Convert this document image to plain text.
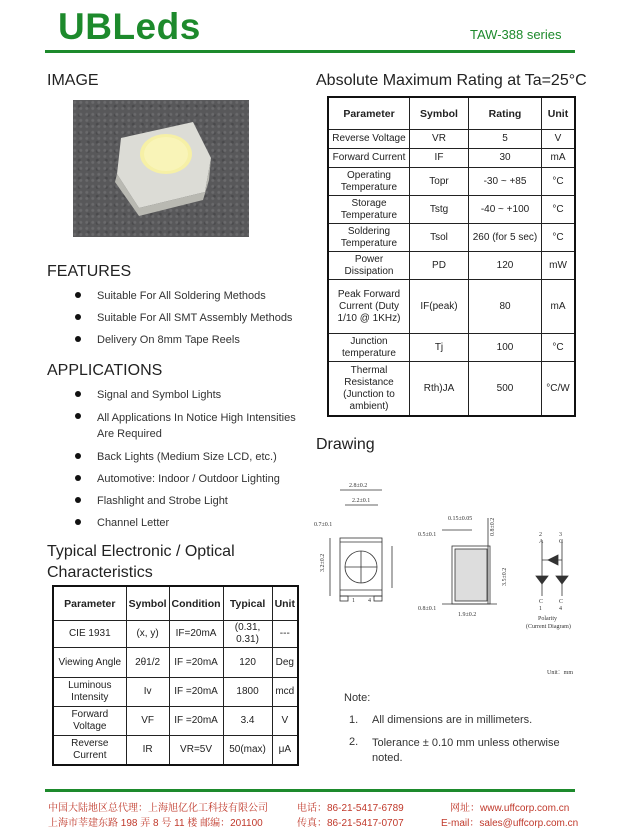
UBLeds	TAW-388 series
IMAGE
FEATURES
Suitable For All Soldering Methods
Suitable For All SMT Assembly Methods
Delivery On 8mm Tape Reels
APPLICATIONS
Signal and Symbol Lights
All Applications In Notice High Intensities Are Required
Back Lights (Medium Size LCD, etc.)
Automotive: Indoor / Outdoor Lighting
Flashlight and Strobe Light
Channel Letter
Typical Electronic / Optical Characteristics
Parameter	Symbol	Condition	Typical	Unit
CIE 1931	(x, y)	IF=20mA	(0.31, 0.31)	---
Viewing Angle	2θ1/2	IF =20mA	120	Deg
Luminous Intensity	Iv	IF =20mA	1800	mcd
Forward Voltage	VF	IF =20mA	3.4	V
Reverse Current	IR	VR=5V	50(max)	μA
Absolute Maximum Rating at Ta=25°C
Parameter	Symbol	Rating	Unit
Reverse Voltage	VR	5	V
Forward Current	IF	30	mA
Operating Temperature	Topr	-30 ~ +85	°C
Storage Temperature	Tstg	-40 ~ +100	°C
Soldering Temperature	Tsol	260 (for 5 sec)	°C
Power Dissipation	PD	120	mW
Peak Forward Current (Duty 1/10 @ 1KHz)	IF(peak)	80	mA
Junction temperature	Tj	100	°C
Thermal Resistance (Junction to ambient)	Rth)JA	500	°C/W
Drawing
2.8±0.2
2.2±0.1
0.7±0.1
3.2±0.2
0.15±0.05
0.5±0.1	0.8±0.2
3.5±0.2
0.8±0.1
1.9±0.2
1 4
2
A
3
C
C
1
C
4
Polarity
(Current Diagram)
Unit：mm
Note:
1. All dimensions are in millimeters.
2. Tolerance ± 0.10 mm unless otherwise noted.
中国大陆地区总代理：上海旭亿化工科技有限公司
上海市莘建东路 198 弄 8 号 11 楼 邮编：201100
电话：86-21-5417-6789
传真：86-21-5417-0707
网址：www.uffcorp.com.cn
E-mail：sales@uffcorp.com.cn
